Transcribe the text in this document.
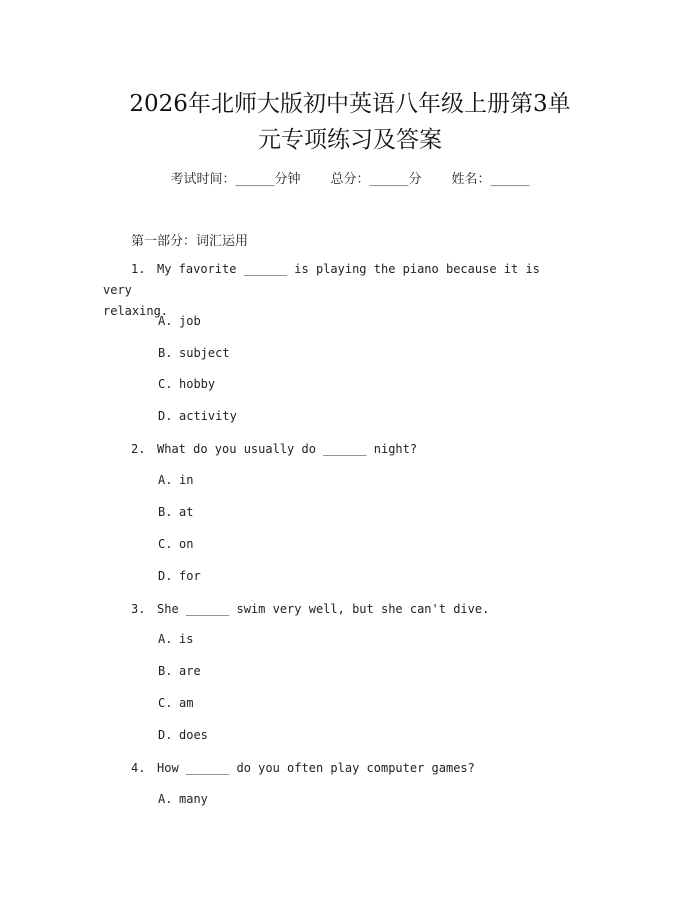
2026年北师大版初中英语八年级上册第3单
元专项练习及答案
考试时间：______分钟 总分：______分 姓名：______
第一部分：词汇运用
1. My favorite ______ is playing the piano because it is very
relaxing.
A. job
B. subject
C. hobby
D. activity
2. What do you usually do ______ night?
A. in
B. at
C. on
D. for
3. She ______ swim very well, but she can't dive.
A. is
B. are
C. am
D. does
4. How ______ do you often play computer games?
A. many
